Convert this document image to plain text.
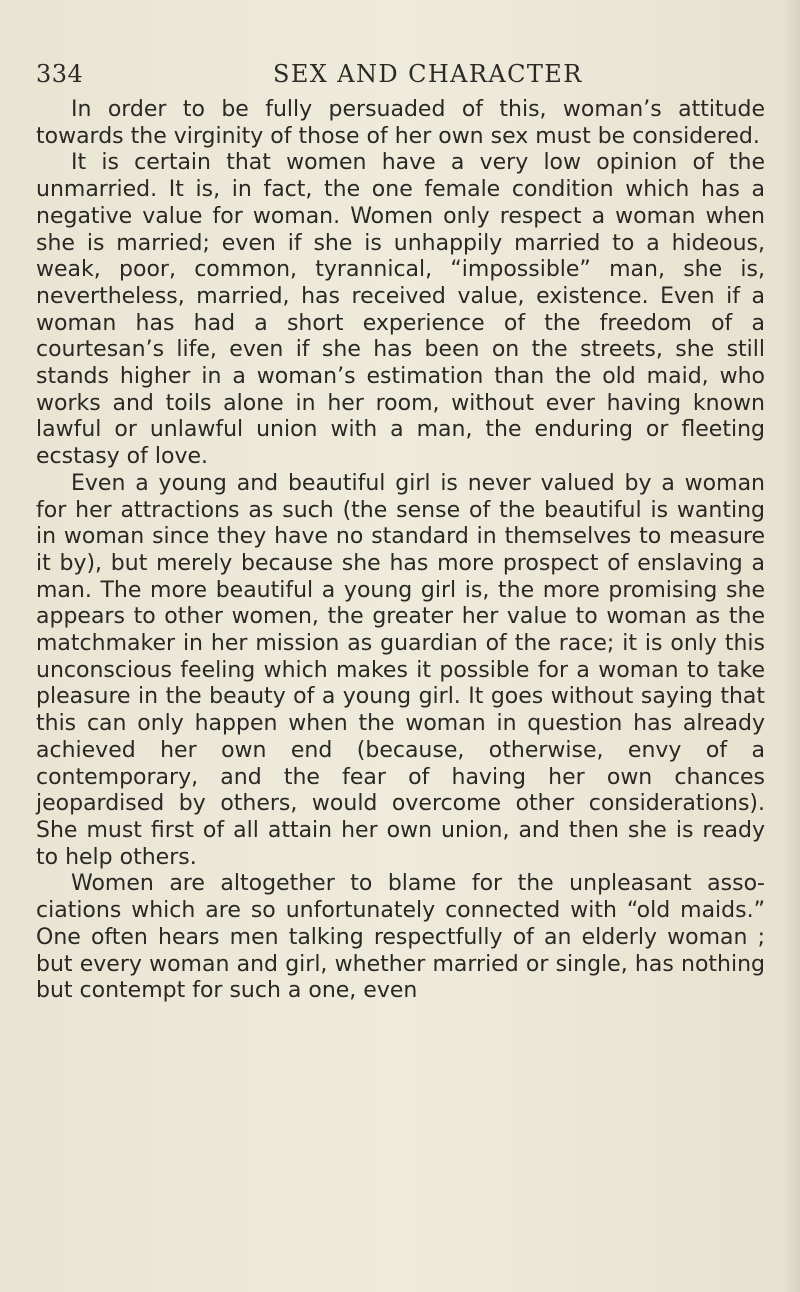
334	SEX AND CHARACTER

In order to be fully persuaded of this, woman’s attitude towards the virginity of those of her own sex must be considered.

It is certain that women have a very low opinion of the unmarried. It is, in fact, the one female condition which has a negative value for woman. Women only respect a woman when she is married; even if she is unhappily married to a hideous, weak, poor, common, tyrannical, “impossible” man, she is, nevertheless, married, has received value, existence. Even if a woman has had a short experience of the freedom of a courtesan’s life, even if she has been on the streets, she still stands higher in a woman’s estimation than the old maid, who works and toils alone in her room, without ever having known lawful or unlawful union with a man, the enduring or fleeting ecstasy of love.

Even a young and beautiful girl is never valued by a woman for her attractions as such (the sense of the beautiful is wanting in woman since they have no standard in themselves to measure it by), but merely because she has more prospect of enslaving a man. The more beautiful a young girl is, the more promising she appears to other women, the greater her value to woman as the matchmaker in her mission as guardian of the race; it is only this unconscious feeling which makes it possible for a woman to take pleasure in the beauty of a young girl. It goes without saying that this can only happen when the woman in question has already achieved her own end (because, otherwise, envy of a contemporary, and the fear of having her own chances jeopardised by others, would overcome other considerations). She must first of all attain her own union, and then she is ready to help others.

Women are altogether to blame for the unpleasant associations which are so unfortunately connected with “old maids.” One often hears men talking respectfully of an elderly woman ; but every woman and girl, whether married or single, has nothing but contempt for such a one, even
